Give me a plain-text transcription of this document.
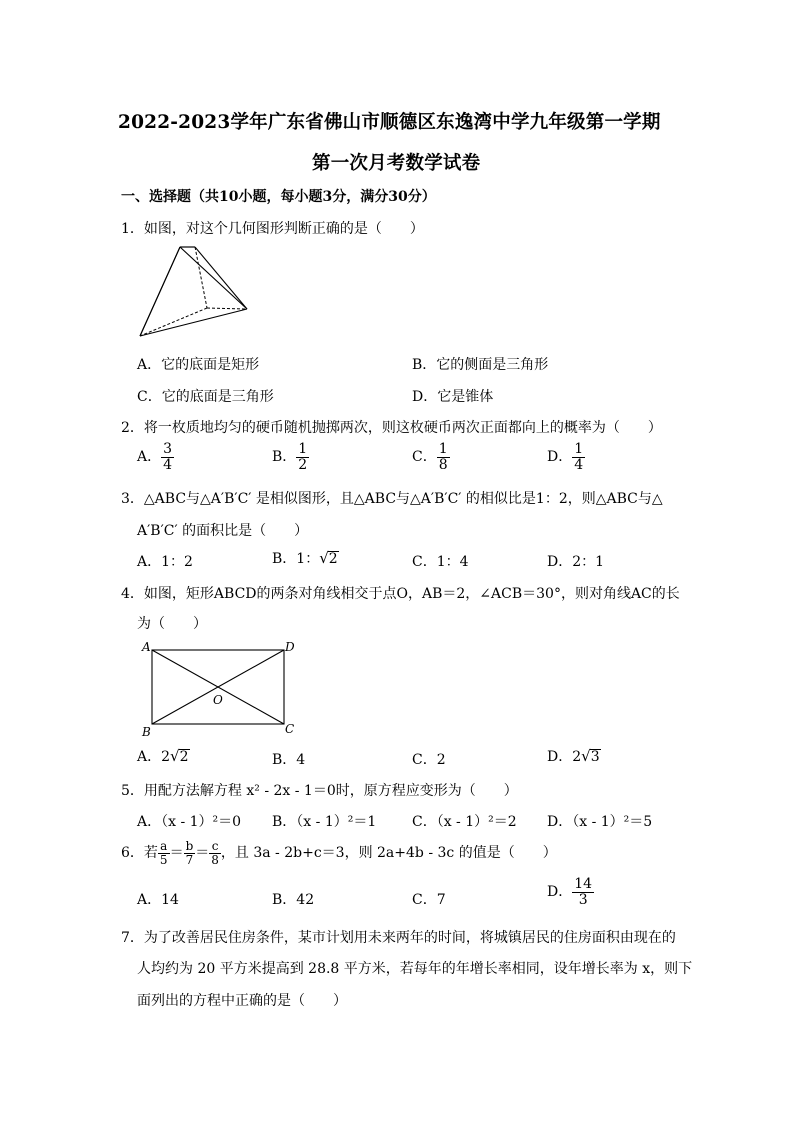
2022-2023学年广东省佛山市顺德区东逸湾中学九年级第一学期
第一次月考数学试卷
一、选择题（共10小题，每小题3分，满分30分）
1．如图，对这个几何图形判断正确的是（　　）
A．它的底面是矩形	B．它的侧面是三角形
C．它的底面是三角形	D．它是锥体
2．将一枚质地均匀的硬币随机抛掷两次，则这枚硬币两次正面都向上的概率为（　　）
A． $\frac{3}{4}$	B． $\frac{1}{2}$	C． $\frac{1}{8}$	D． $\frac{1}{4}$
3．△ABC与△A′B′C′ 是相似图形，且△ABC与△A′B′C′ 的相似比是1：2，则△ABC与△
A′B′C′ 的面积比是（　　）
A．1：2	B．1：√2	C．1：4	D．2：1
4．如图，矩形ABCD的两条对角线相交于点O，AB＝2，∠ACB＝30°，则对角线AC的长
为（　　）
A	D
B	C
O
A．2√2	B．4	C．2	D．2√3
5．用配方法解方程 x² - 2x - 1＝0时，原方程应变形为（　　）
A．（x - 1）²＝0 B．（x - 1）²＝1	C．（x - 1）²＝2 D．（x - 1）²＝5
6．若 $\frac{a}{5} = \frac{b}{7} = \frac{c}{8}$ ，且 3a - 2b+c＝3，则 2a+4b - 3c 的值是（　　）
A．14	B．42	C．7	D． $\frac{14}{3}$
7．为了改善居民住房条件，某市计划用未来两年的时间，将城镇居民的住房面积由现在的
人均约为 20 平方米提高到 28.8 平方米，若每年的年增长率相同，设年增长率为 x，则下
面列出的方程中正确的是（　　）
